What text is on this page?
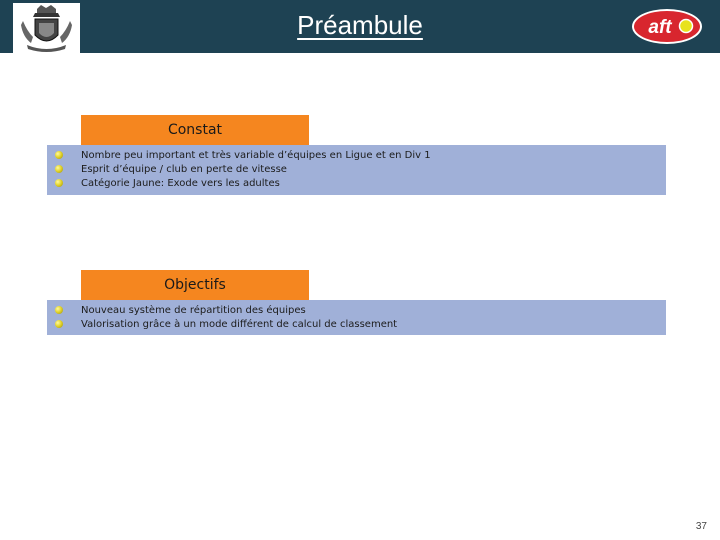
Préambule	aft
Constat
Nombre peu important et très variable d’équipes en Ligue et en Div 1
Esprit d’équipe / club en perte de vitesse
Catégorie Jaune: Exode vers les adultes
Objectifs
Nouveau système de répartition des équipes
Valorisation grâce à un mode différent de calcul de classement
37
